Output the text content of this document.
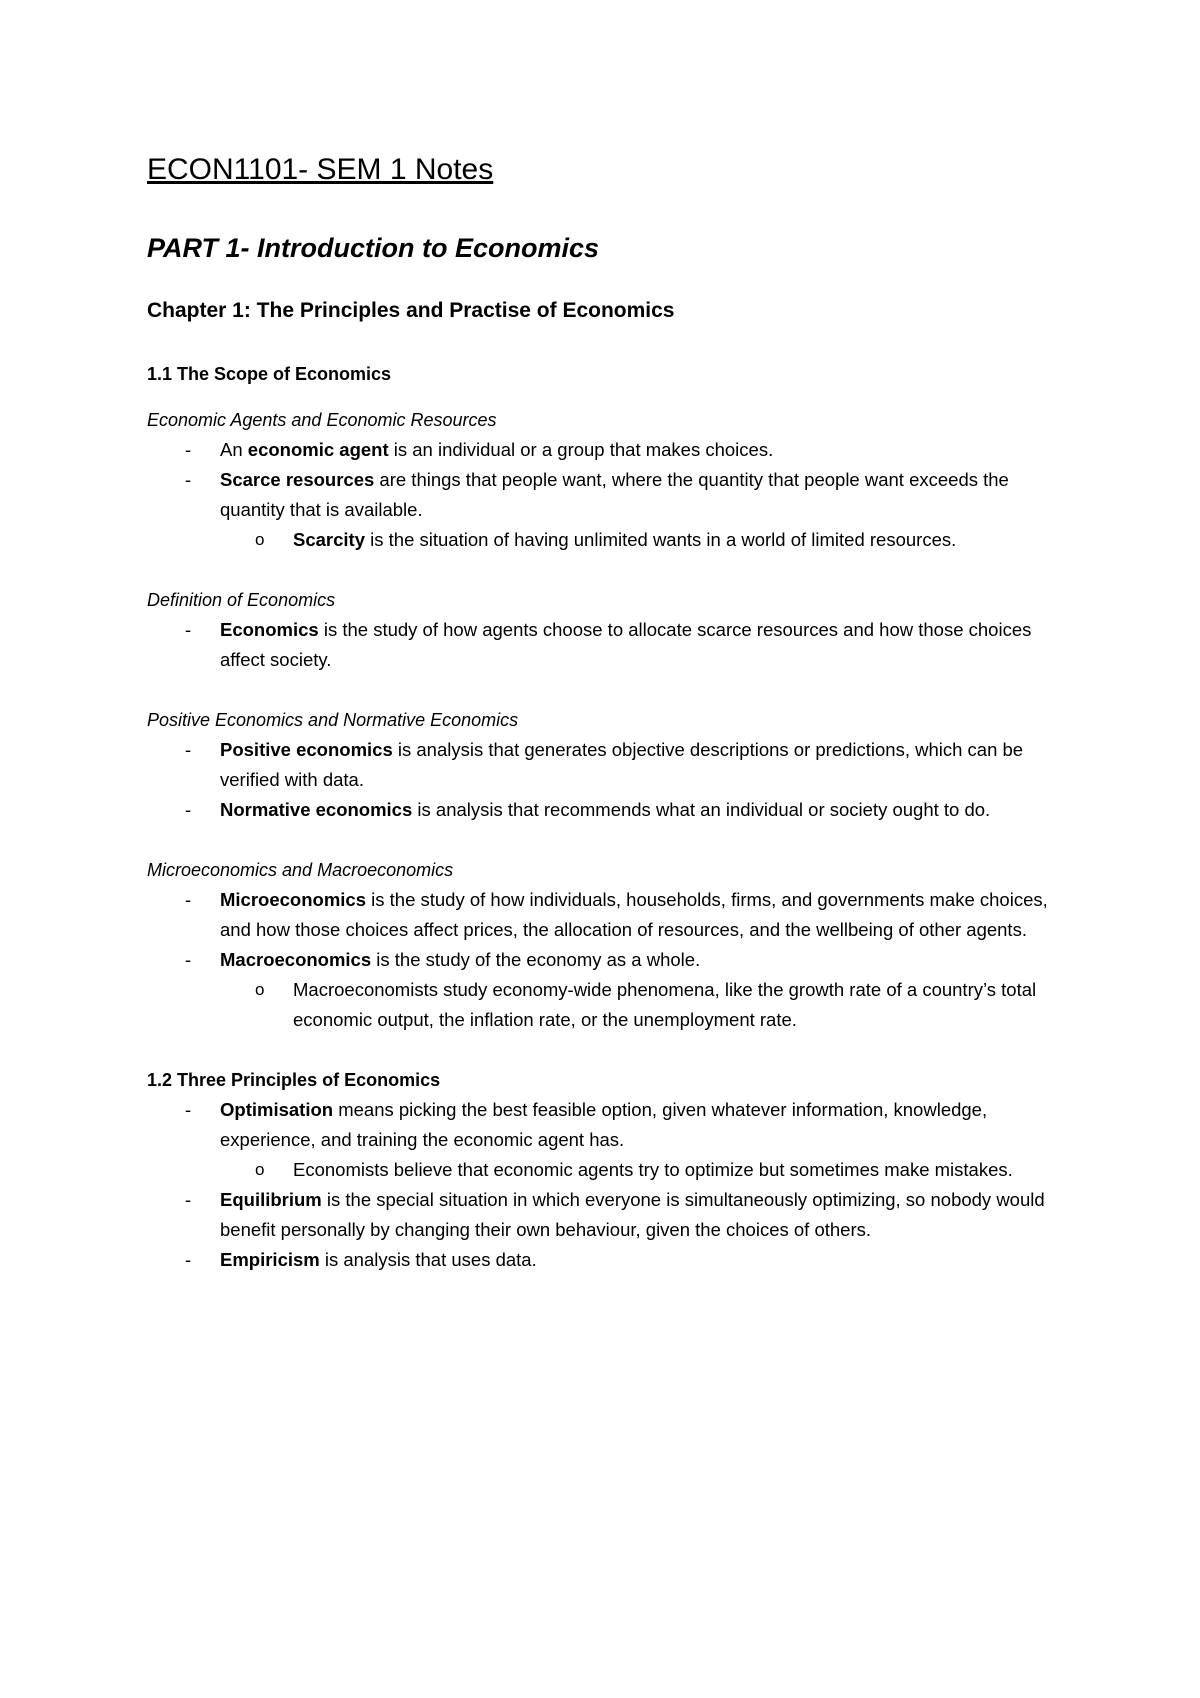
ECON1101- SEM 1 Notes
PART 1- Introduction to Economics
Chapter 1: The Principles and Practise of Economics
1.1 The Scope of Economics
Economic Agents and Economic Resources
- An economic agent is an individual or a group that makes choices.
- Scarce resources are things that people want, where the quantity that people want exceeds the quantity that is available.
o Scarcity is the situation of having unlimited wants in a world of limited resources.
Definition of Economics
- Economics is the study of how agents choose to allocate scarce resources and how those choices affect society.
Positive Economics and Normative Economics
- Positive economics is analysis that generates objective descriptions or predictions, which can be verified with data.
- Normative economics is analysis that recommends what an individual or society ought to do.
Microeconomics and Macroeconomics
- Microeconomics is the study of how individuals, households, firms, and governments make choices, and how those choices affect prices, the allocation of resources, and the wellbeing of other agents.
- Macroeconomics is the study of the economy as a whole.
o Macroeconomists study economy-wide phenomena, like the growth rate of a country’s total economic output, the inflation rate, or the unemployment rate.
1.2 Three Principles of Economics
- Optimisation means picking the best feasible option, given whatever information, knowledge, experience, and training the economic agent has.
o Economists believe that economic agents try to optimize but sometimes make mistakes.
- Equilibrium is the special situation in which everyone is simultaneously optimizing, so nobody would benefit personally by changing their own behaviour, given the choices of others.
- Empiricism is analysis that uses data.
